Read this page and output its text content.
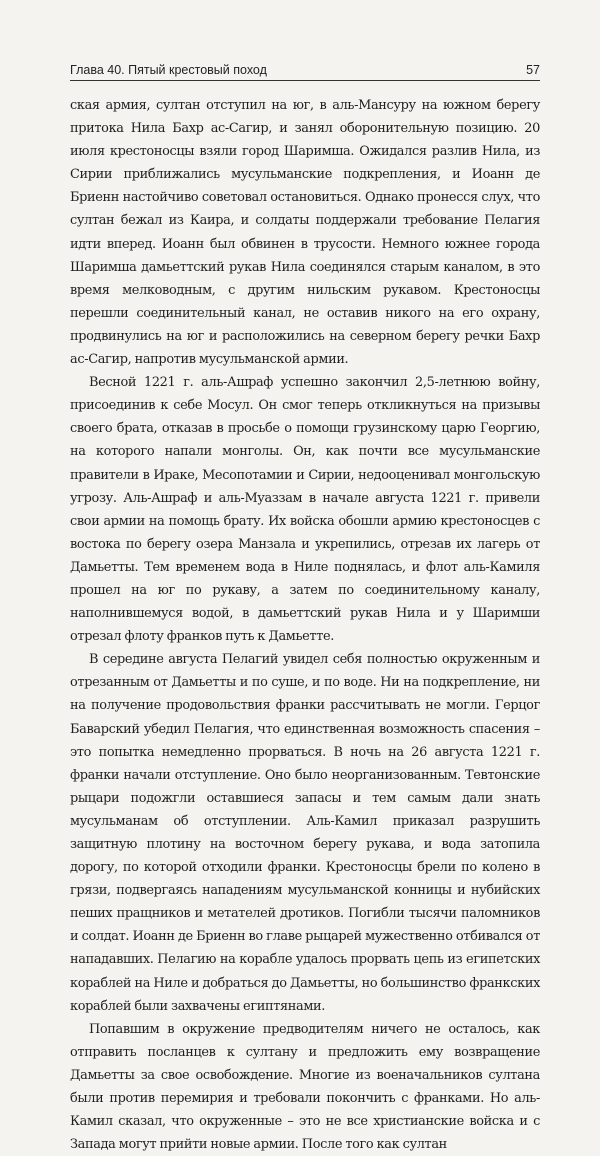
Глава 40. Пятый крестовый поход	57

ская армия, султан отступил на юг, в аль-Мансуру на южном берегу притока Нила Бахр ас-Сагир, и занял оборонительную позицию. 20 июля крестоносцы взяли город Шаримша. Ожидался разлив Нила, из Сирии приближались мусульманские подкрепления, и Иоанн де Бриенн настойчиво советовал остановиться. Однако пронесся слух, что султан бежал из Каира, и солдаты поддержали требование Пелагия идти вперед. Иоанн был обвинен в трусости. Немного южнее города Шаримша дамьеттский рукав Нила соединялся старым каналом, в это время мелководным, с другим нильским рукавом. Крестоносцы перешли соединительный канал, не оставив никого на его охрану, продвинулись на юг и расположились на северном берегу речки Бахр ас-Сагир, напротив мусульманской армии.

Весной 1221 г. аль-Ашраф успешно закончил 2,5-летнюю войну, присоединив к себе Мосул. Он смог теперь откликнуться на призывы своего брата, отказав в просьбе о помощи грузинскому царю Георгию, на которого напали монголы. Он, как почти все мусульманские правители в Ираке, Месопотамии и Сирии, недооценивал монгольскую угрозу. Аль-Ашраф и аль-Муаззам в начале августа 1221 г. привели свои армии на помощь брату. Их войска обошли армию крестоносцев с востока по берегу озера Манзала и укрепились, отрезав их лагерь от Дамьетты. Тем временем вода в Ниле поднялась, и флот аль-Камиля прошел на юг по рукаву, а затем по соединительному каналу, наполнившемуся водой, в дамьеттский рукав Нила и у Шаримши отрезал флоту франков путь к Дамьетте.

В середине августа Пелагий увидел себя полностью окруженным и отрезанным от Дамьетты и по суше, и по воде. Ни на подкрепление, ни на получение продовольствия франки рассчитывать не могли. Герцог Баварский убедил Пелагия, что единственная возможность спасения – это попытка немедленно прорваться. В ночь на 26 августа 1221 г. франки начали отступление. Оно было неорганизованным. Тевтонские рыцари подожгли оставшиеся запасы и тем самым дали знать мусульманам об отступлении. Аль-Камил приказал разрушить защитную плотину на восточном берегу рукава, и вода затопила дорогу, по которой отходили франки. Крестоносцы брели по колено в грязи, подвергаясь нападениям мусульманской конницы и нубийских пеших пращников и метателей дротиков. Погибли тысячи паломников и солдат. Иоанн де Бриенн во главе рыцарей мужественно отбивался от нападавших. Пелагию на корабле удалось прорвать цепь из египетских кораблей на Ниле и добраться до Дамьетты, но большинство франкских кораблей были захвачены египтянами.

Попавшим в окружение предводителям ничего не осталось, как отправить посланцев к султану и предложить ему возвращение Дамьетты за свое освобождение. Многие из военачальников султана были против перемирия и требовали покончить с франками. Но аль-Камил сказал, что окруженные – это не все христианские войска и с Запада могут прийти новые армии. После того как султан
